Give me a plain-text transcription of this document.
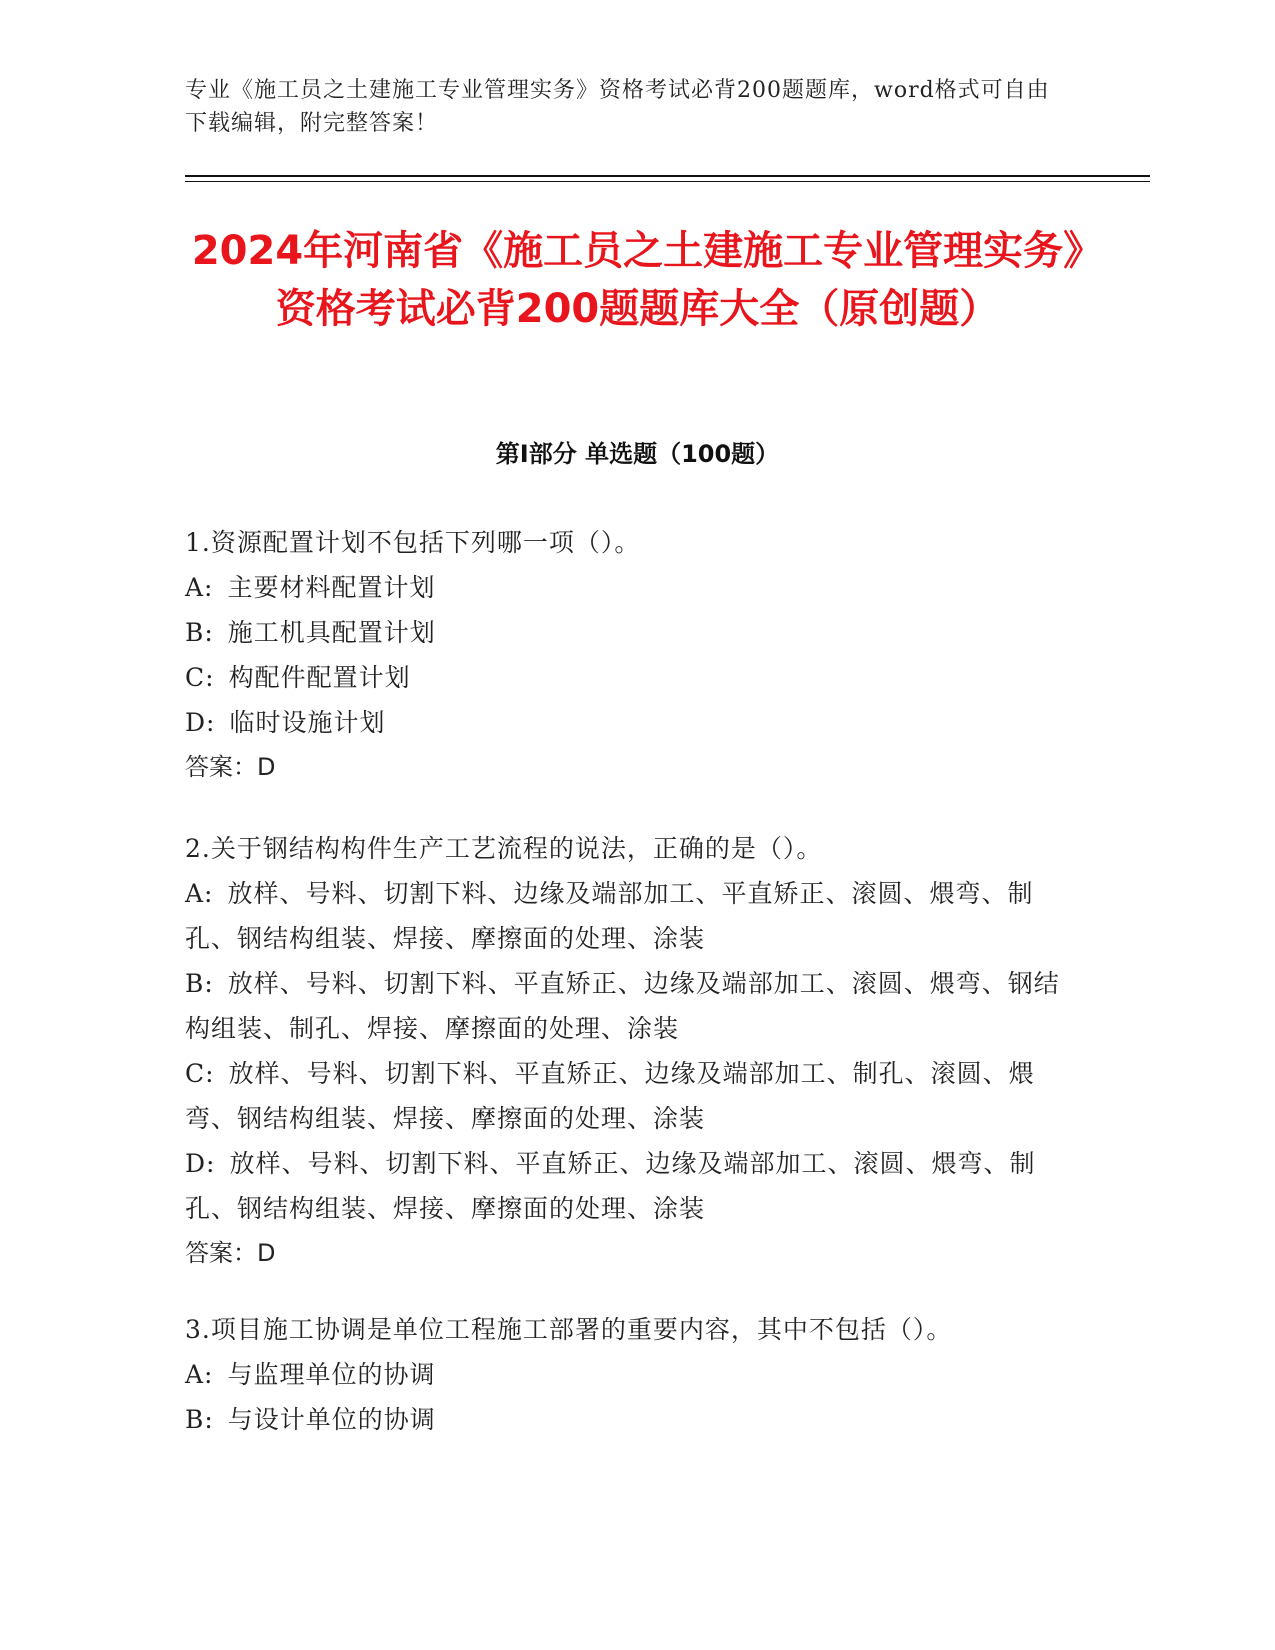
专业《施工员之土建施工专业管理实务》资格考试必背200题题库，word格式可自由下载编辑，附完整答案！
2024年河南省《施工员之土建施工专业管理实务》资格考试必背200题题库大全（原创题）
第I部分 单选题（100题）
1.资源配置计划不包括下列哪一项（）。
A: 主要材料配置计划
B: 施工机具配置计划
C: 构配件配置计划
D: 临时设施计划
答案：D
2.关于钢结构构件生产工艺流程的说法，正确的是（）。
A: 放样、号料、切割下料、边缘及端部加工、平直矫正、滚圆、煨弯、制孔、钢结构组装、焊接、摩擦面的处理、涂装
B: 放样、号料、切割下料、平直矫正、边缘及端部加工、滚圆、煨弯、钢结构组装、制孔、焊接、摩擦面的处理、涂装
C: 放样、号料、切割下料、平直矫正、边缘及端部加工、制孔、滚圆、煨弯、钢结构组装、焊接、摩擦面的处理、涂装
D: 放样、号料、切割下料、平直矫正、边缘及端部加工、滚圆、煨弯、制孔、钢结构组装、焊接、摩擦面的处理、涂装
答案：D
3.项目施工协调是单位工程施工部署的重要内容，其中不包括（）。
A: 与监理单位的协调
B: 与设计单位的协调
